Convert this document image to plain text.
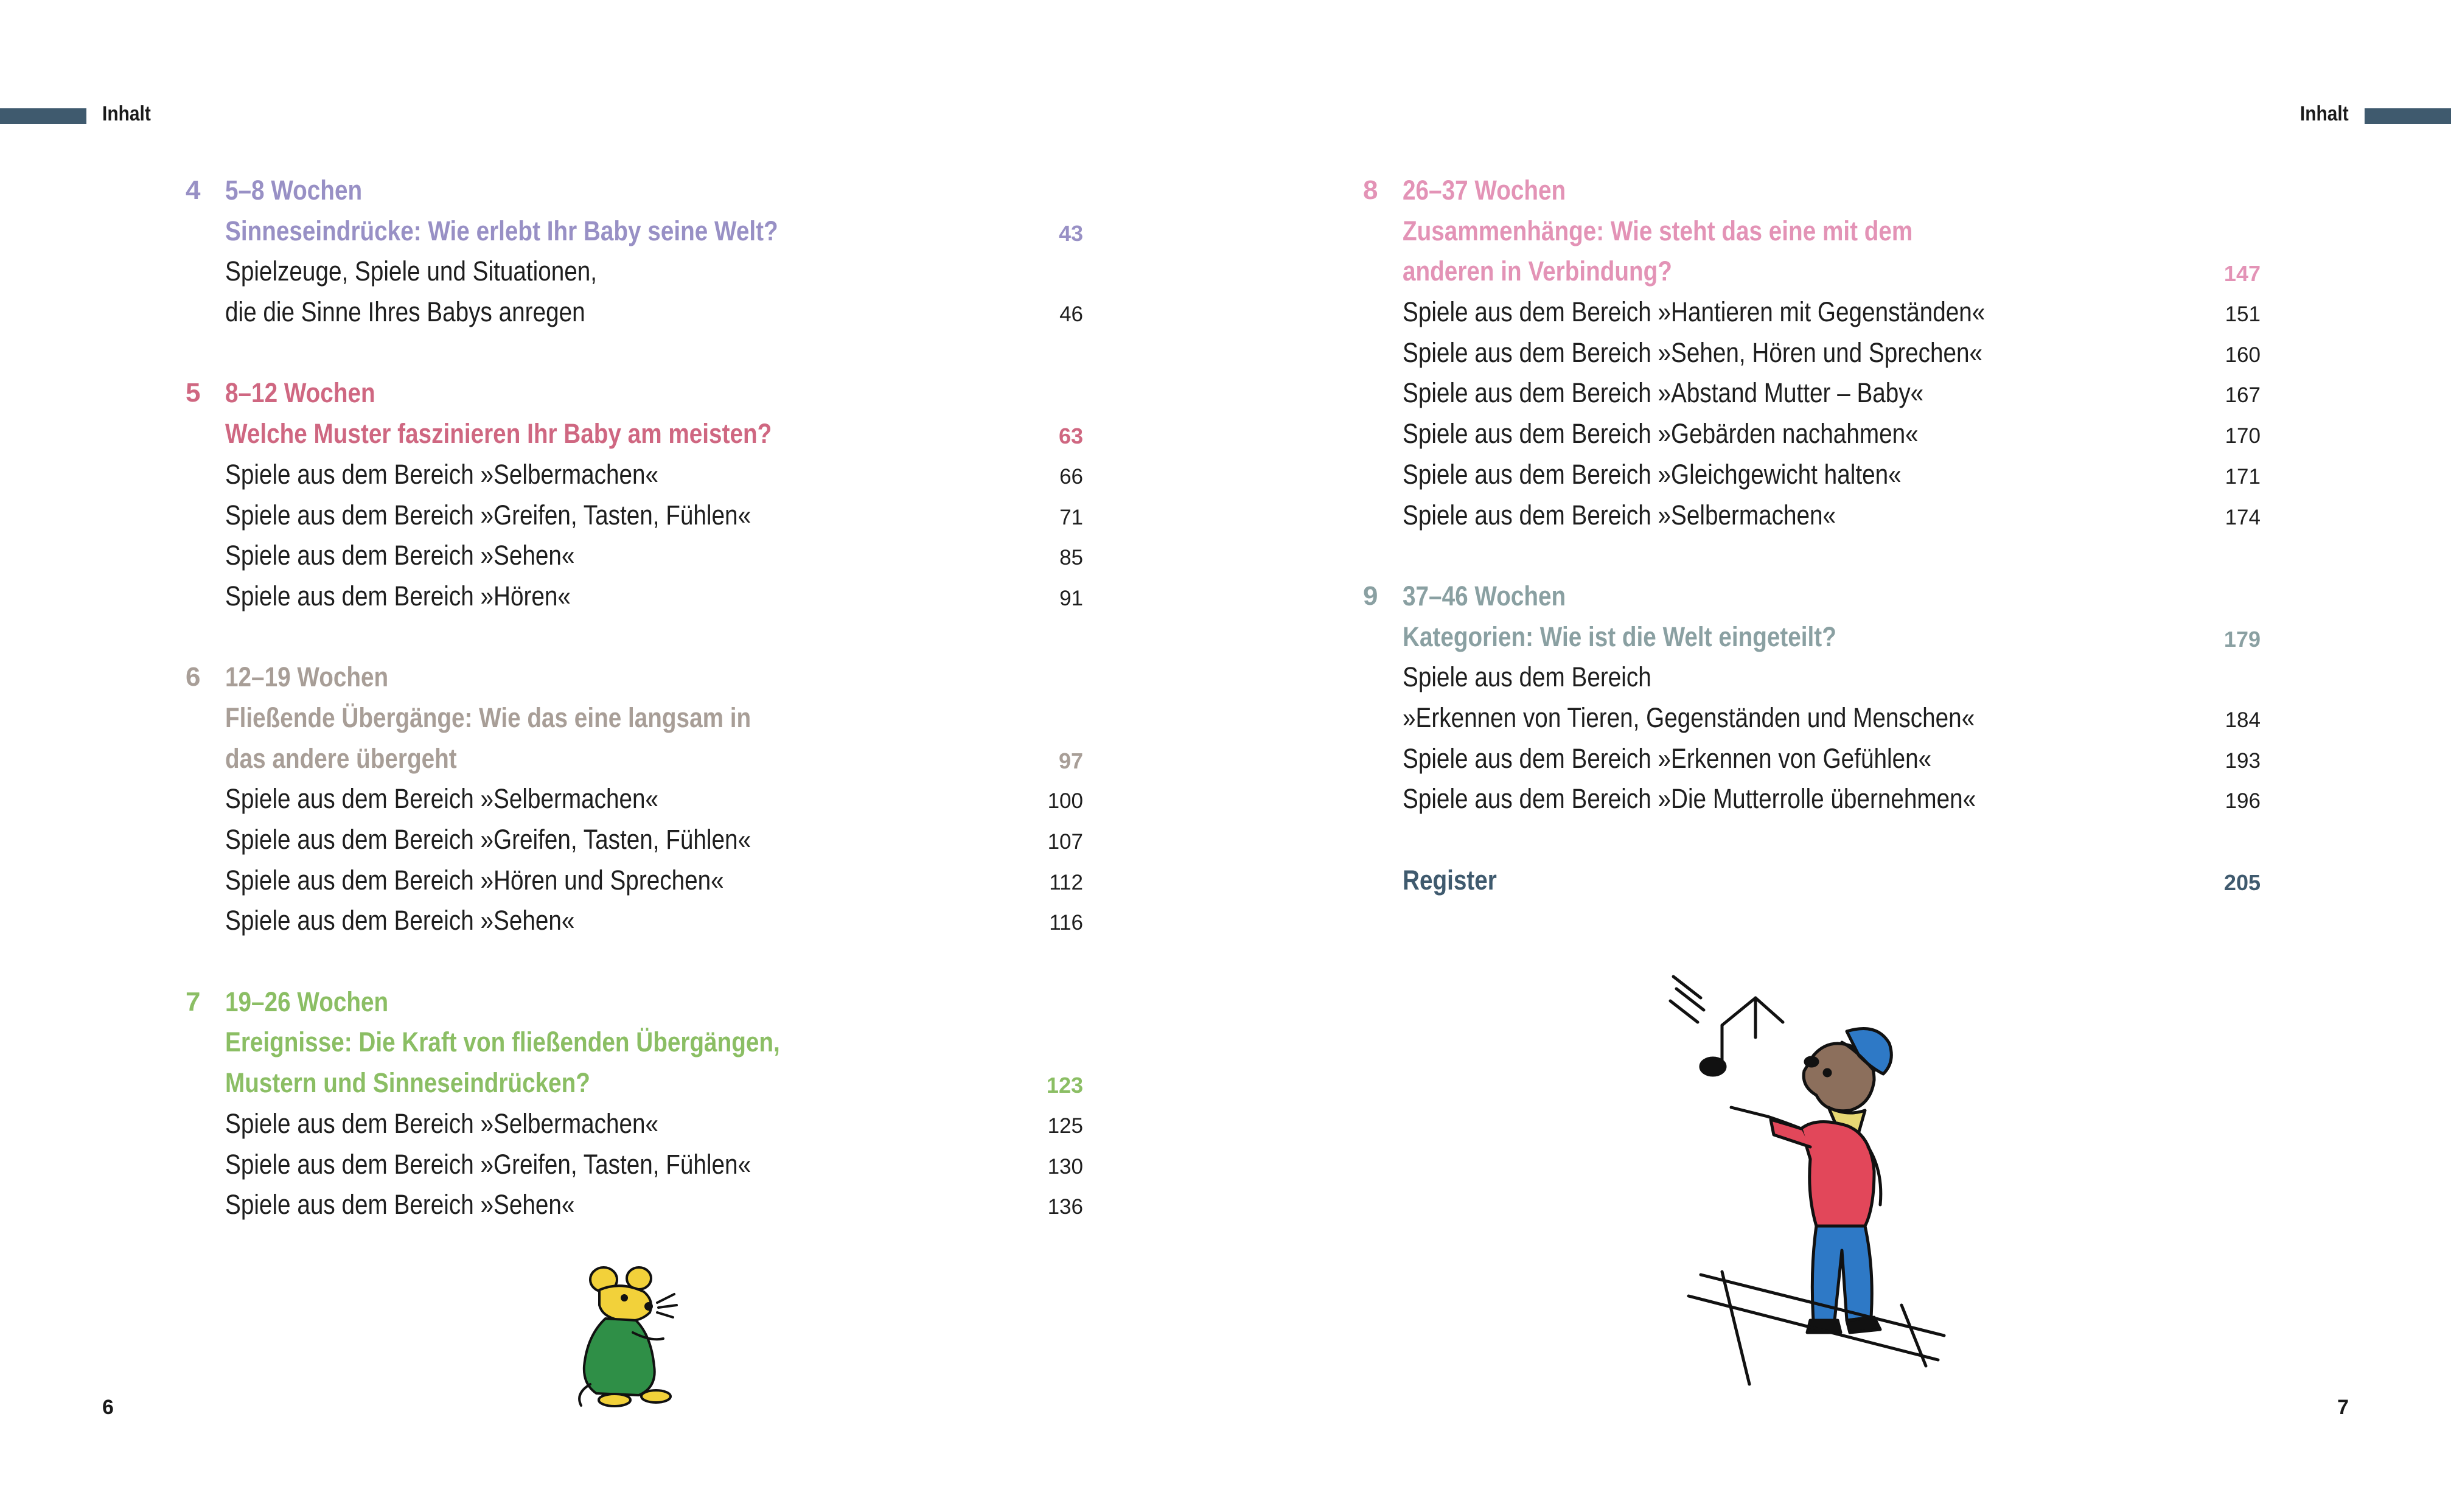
Inhalt
4 5–8 Wochen
Sinneseindrücke: Wie erlebt Ihr Baby seine Welt?	43
Spielzeuge, Spiele und Situationen,
die die Sinne Ihres Babys anregen	46
5 8–12 Wochen
Welche Muster faszinieren Ihr Baby am meisten?	63
Spiele aus dem Bereich »Selbermachen«	66
Spiele aus dem Bereich »Greifen, Tasten, Fühlen«	71
Spiele aus dem Bereich »Sehen«	85
Spiele aus dem Bereich »Hören«	91
6 12–19 Wochen
Fließende Übergänge: Wie das eine langsam in
das andere übergeht	97
Spiele aus dem Bereich »Selbermachen«	100
Spiele aus dem Bereich »Greifen, Tasten, Fühlen«	107
Spiele aus dem Bereich »Hören und Sprechen«	112
Spiele aus dem Bereich »Sehen«	116
7 19–26 Wochen
Ereignisse: Die Kraft von fließenden Übergängen,
Mustern und Sinneseindrücken?	123
Spiele aus dem Bereich »Selbermachen«	125
Spiele aus dem Bereich »Greifen, Tasten, Fühlen«	130
Spiele aus dem Bereich »Sehen«	136
6
Inhalt
8 26–37 Wochen
Zusammenhänge: Wie steht das eine mit dem
anderen in Verbindung?	147
Spiele aus dem Bereich »Hantieren mit Gegenständen«	151
Spiele aus dem Bereich »Sehen, Hören und Sprechen«	160
Spiele aus dem Bereich »Abstand Mutter – Baby«	167
Spiele aus dem Bereich »Gebärden nachahmen«	170
Spiele aus dem Bereich »Gleichgewicht halten«	171
Spiele aus dem Bereich »Selbermachen«	174
9 37–46 Wochen
Kategorien: Wie ist die Welt eingeteilt?	179
Spiele aus dem Bereich
»Erkennen von Tieren, Gegenständen und Menschen«	184
Spiele aus dem Bereich »Erkennen von Gefühlen«	193
Spiele aus dem Bereich »Die Mutterrolle übernehmen«	196
Register	205
7
